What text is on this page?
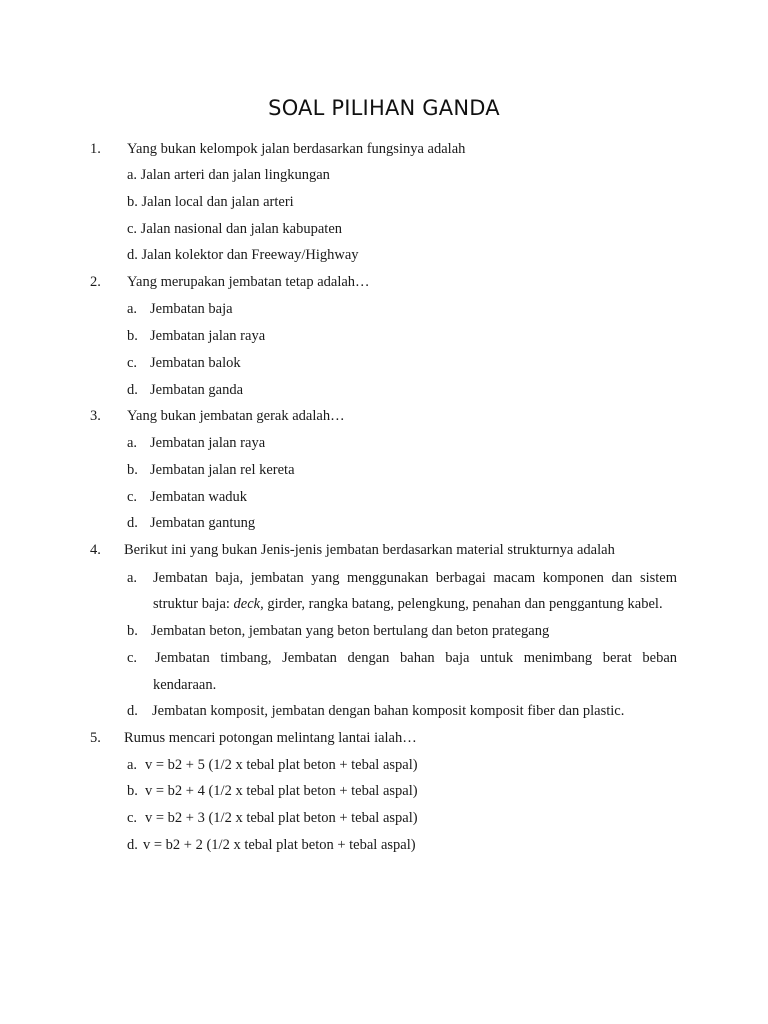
SOAL PILIHAN GANDA
1. Yang bukan kelompok jalan berdasarkan fungsinya adalah
a. Jalan arteri dan jalan lingkungan
b. Jalan local dan jalan arteri
c. Jalan nasional dan jalan kabupaten
d. Jalan kolektor dan Freeway/Highway
2. Yang merupakan jembatan tetap adalah…
a. Jembatan baja
b. Jembatan jalan raya
c. Jembatan balok
d. Jembatan ganda
3. Yang bukan jembatan gerak adalah…
a. Jembatan jalan raya
b. Jembatan jalan rel kereta
c. Jembatan waduk
d. Jembatan gantung
4. Berikut ini yang bukan Jenis-jenis jembatan berdasarkan material strukturnya adalah
a. Jembatan baja, jembatan yang menggunakan berbagai macam komponen dan sistem
struktur baja: deck, girder, rangka batang, pelengkung, penahan dan penggantung kabel.
b. Jembatan beton, jembatan yang beton bertulang dan beton prategang
c. Jembatan timbang, Jembatan dengan bahan baja untuk menimbang berat beban
kendaraan.
d. Jembatan komposit, jembatan dengan bahan komposit komposit fiber dan plastic.
5. Rumus mencari potongan melintang lantai ialah…
a. v = b2 + 5 (1/2 x tebal plat beton + tebal aspal)
b. v = b2 + 4 (1/2 x tebal plat beton + tebal aspal)
c. v = b2 + 3 (1/2 x tebal plat beton + tebal aspal)
d. v = b2 + 2 (1/2 x tebal plat beton + tebal aspal)
